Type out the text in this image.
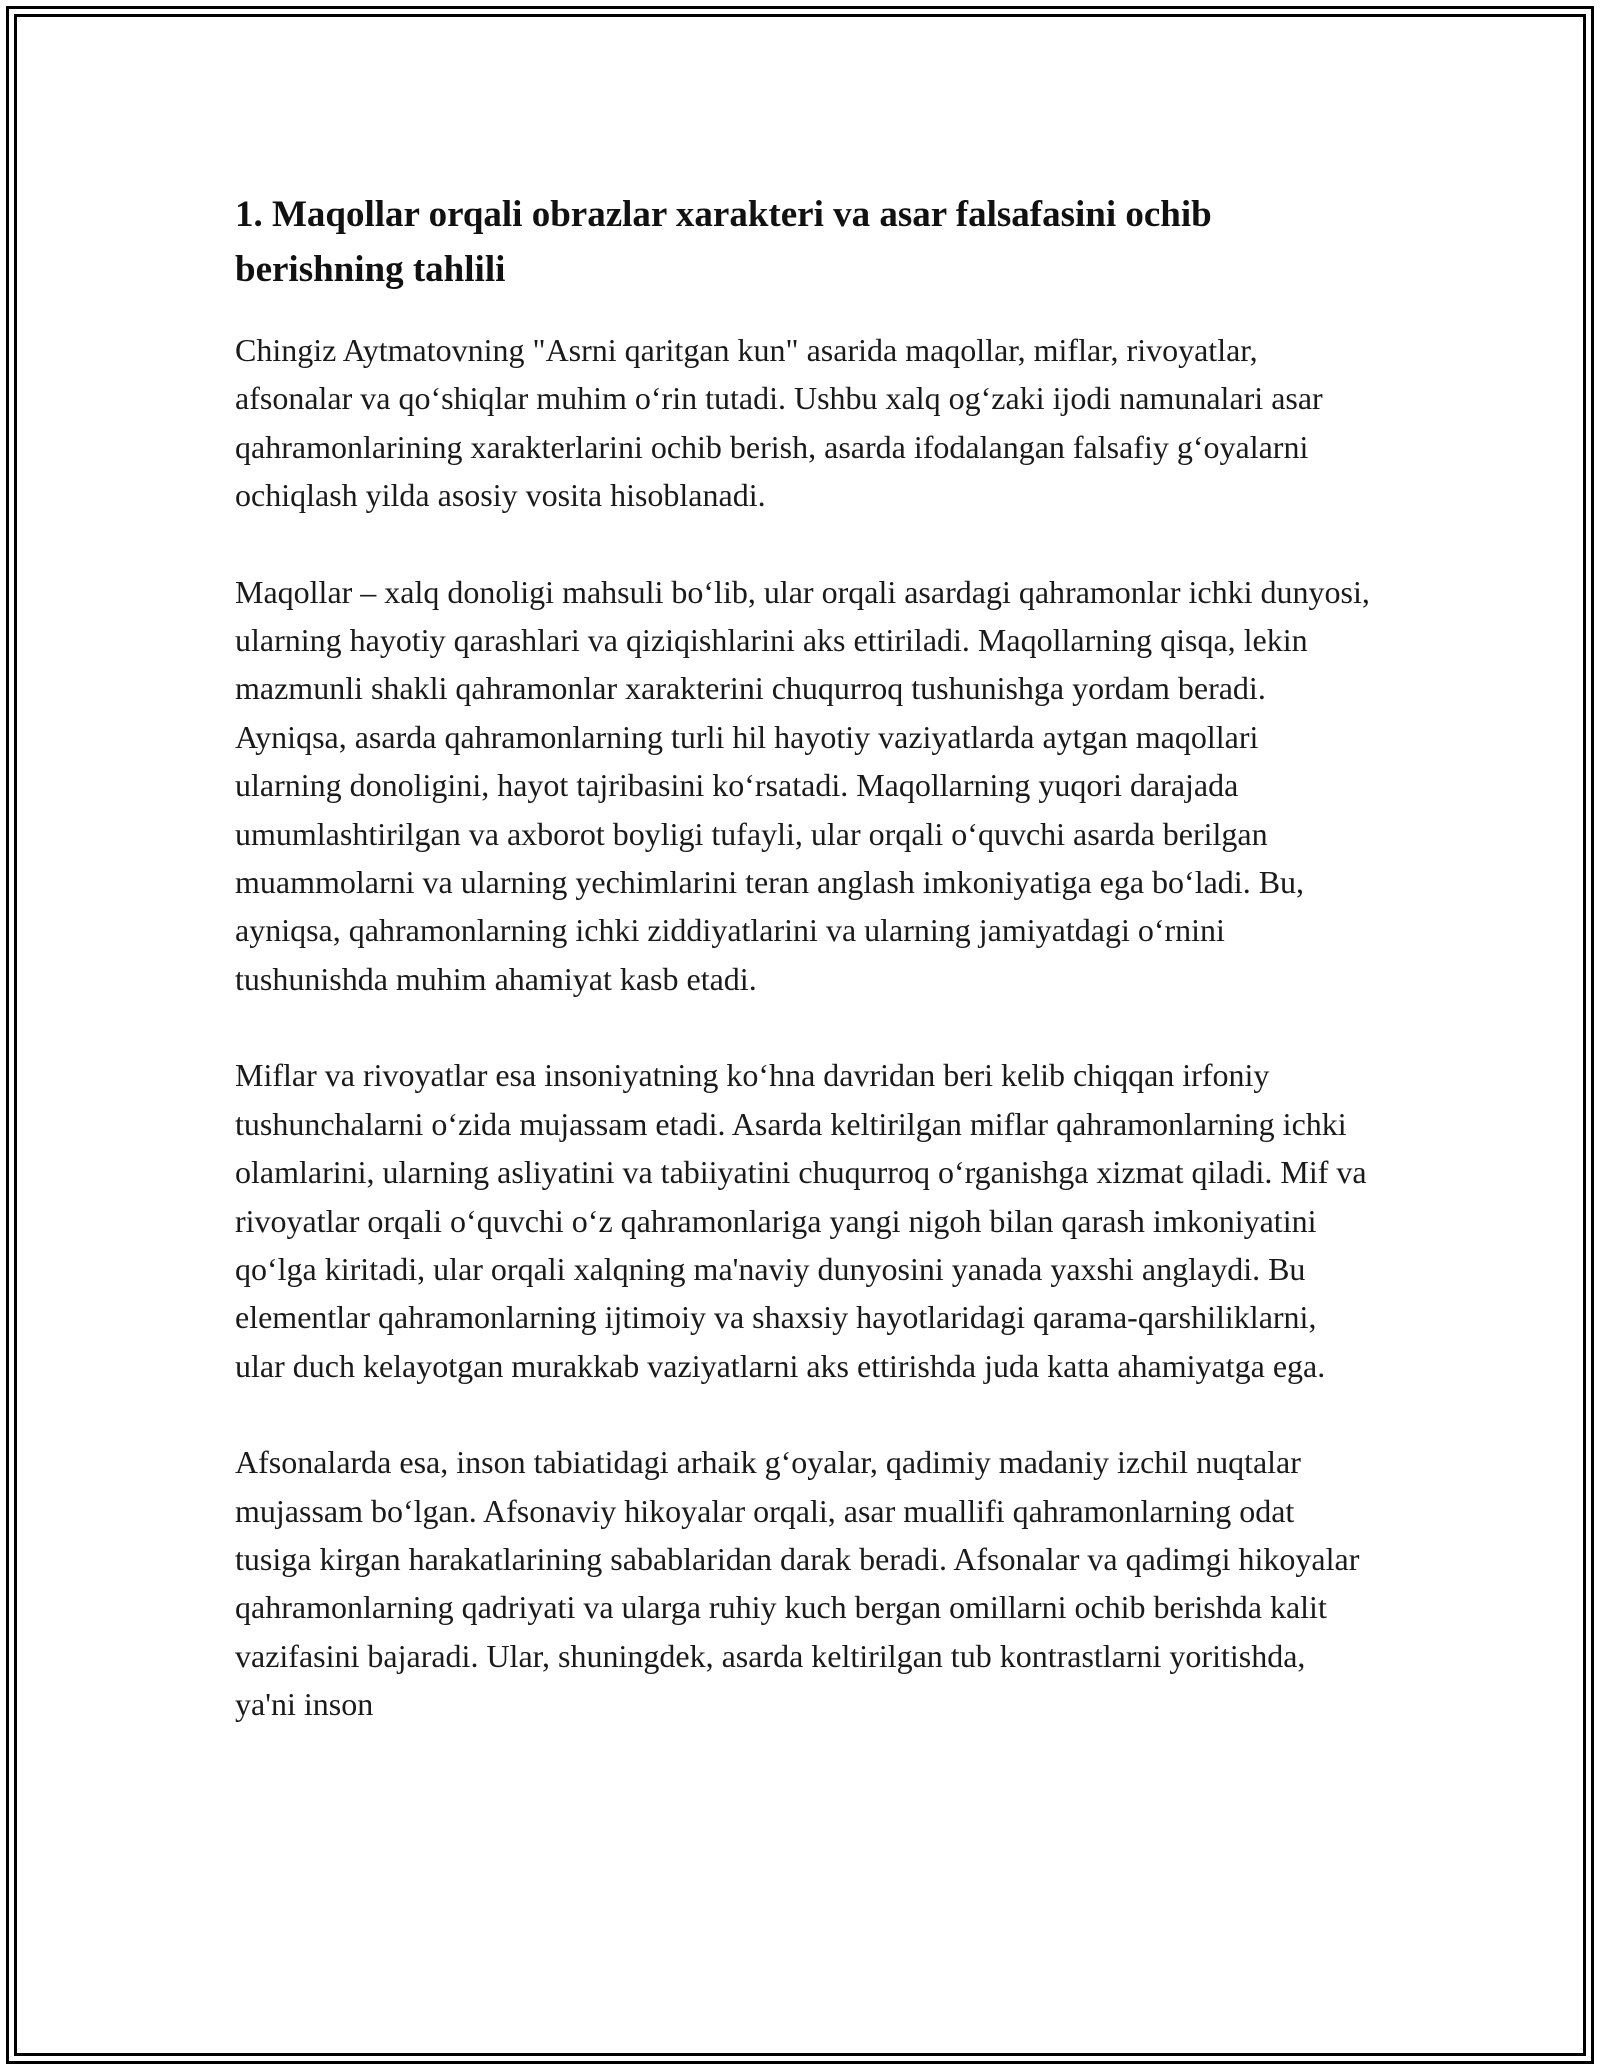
1. Maqollar orqali obrazlar xarakteri va asar falsafasini ochib berishning tahlili

Chingiz Aytmatovning "Asrni qaritgan kun" asarida maqollar, miflar, rivoyatlar, afsonalar va qo‘shiqlar muhim o‘rin tutadi. Ushbu xalq og‘zaki ijodi namunalari asar qahramonlarining xarakterlarini ochib berish, asarda ifodalangan falsafiy g‘oyalarni ochiqlash yilda asosiy vosita hisoblanadi.

Maqollar – xalq donoligi mahsuli bo‘lib, ular orqali asardagi qahramonlar ichki dunyosi, ularning hayotiy qarashlari va qiziqishlarini aks ettiriladi. Maqollarning qisqa, lekin mazmunli shakli qahramonlar xarakterini chuqurroq tushunishga yordam beradi. Ayniqsa, asarda qahramonlarning turli hil hayotiy vaziyatlarda aytgan maqollari ularning donoligini, hayot tajribasini ko‘rsatadi. Maqollarning yuqori darajada umumlashtirilgan va axborot boyligi tufayli, ular orqali o‘quvchi asarda berilgan muammolarni va ularning yechimlarini teran anglash imkoniyatiga ega bo‘ladi. Bu, ayniqsa, qahramonlarning ichki ziddiyatlarini va ularning jamiyatdagi o‘rnini tushunishda muhim ahamiyat kasb etadi.

Miflar va rivoyatlar esa insoniyatning ko‘hna davridan beri kelib chiqqan irfoniy tushunchalarni o‘zida mujassam etadi. Asarda keltirilgan miflar qahramonlarning ichki olamlarini, ularning asliyatini va tabiiyatini chuqurroq o‘rganishga xizmat qiladi. Mif va rivoyatlar orqali o‘quvchi o‘z qahramonlariga yangi nigoh bilan qarash imkoniyatini qo‘lga kiritadi, ular orqali xalqning ma'naviy dunyosini yanada yaxshi anglaydi. Bu elementlar qahramonlarning ijtimoiy va shaxsiy hayotlaridagi qarama-qarshiliklarni, ular duch kelayotgan murakkab vaziyatlarni aks ettirishda juda katta ahamiyatga ega.

Afsonalarda esa, inson tabiatidagi arhaik g‘oyalar, qadimiy madaniy izchil nuqtalar mujassam bo‘lgan. Afsonaviy hikoyalar orqali, asar muallifi qahramonlarning odat tusiga kirgan harakatlarining sabablaridan darak beradi. Afsonalar va qadimgi hikoyalar qahramonlarning qadriyati va ularga ruhiy kuch bergan omillarni ochib berishda kalit vazifasini bajaradi. Ular, shuningdek, asarda keltirilgan tub kontrastlarni yoritishda, ya'ni inson
